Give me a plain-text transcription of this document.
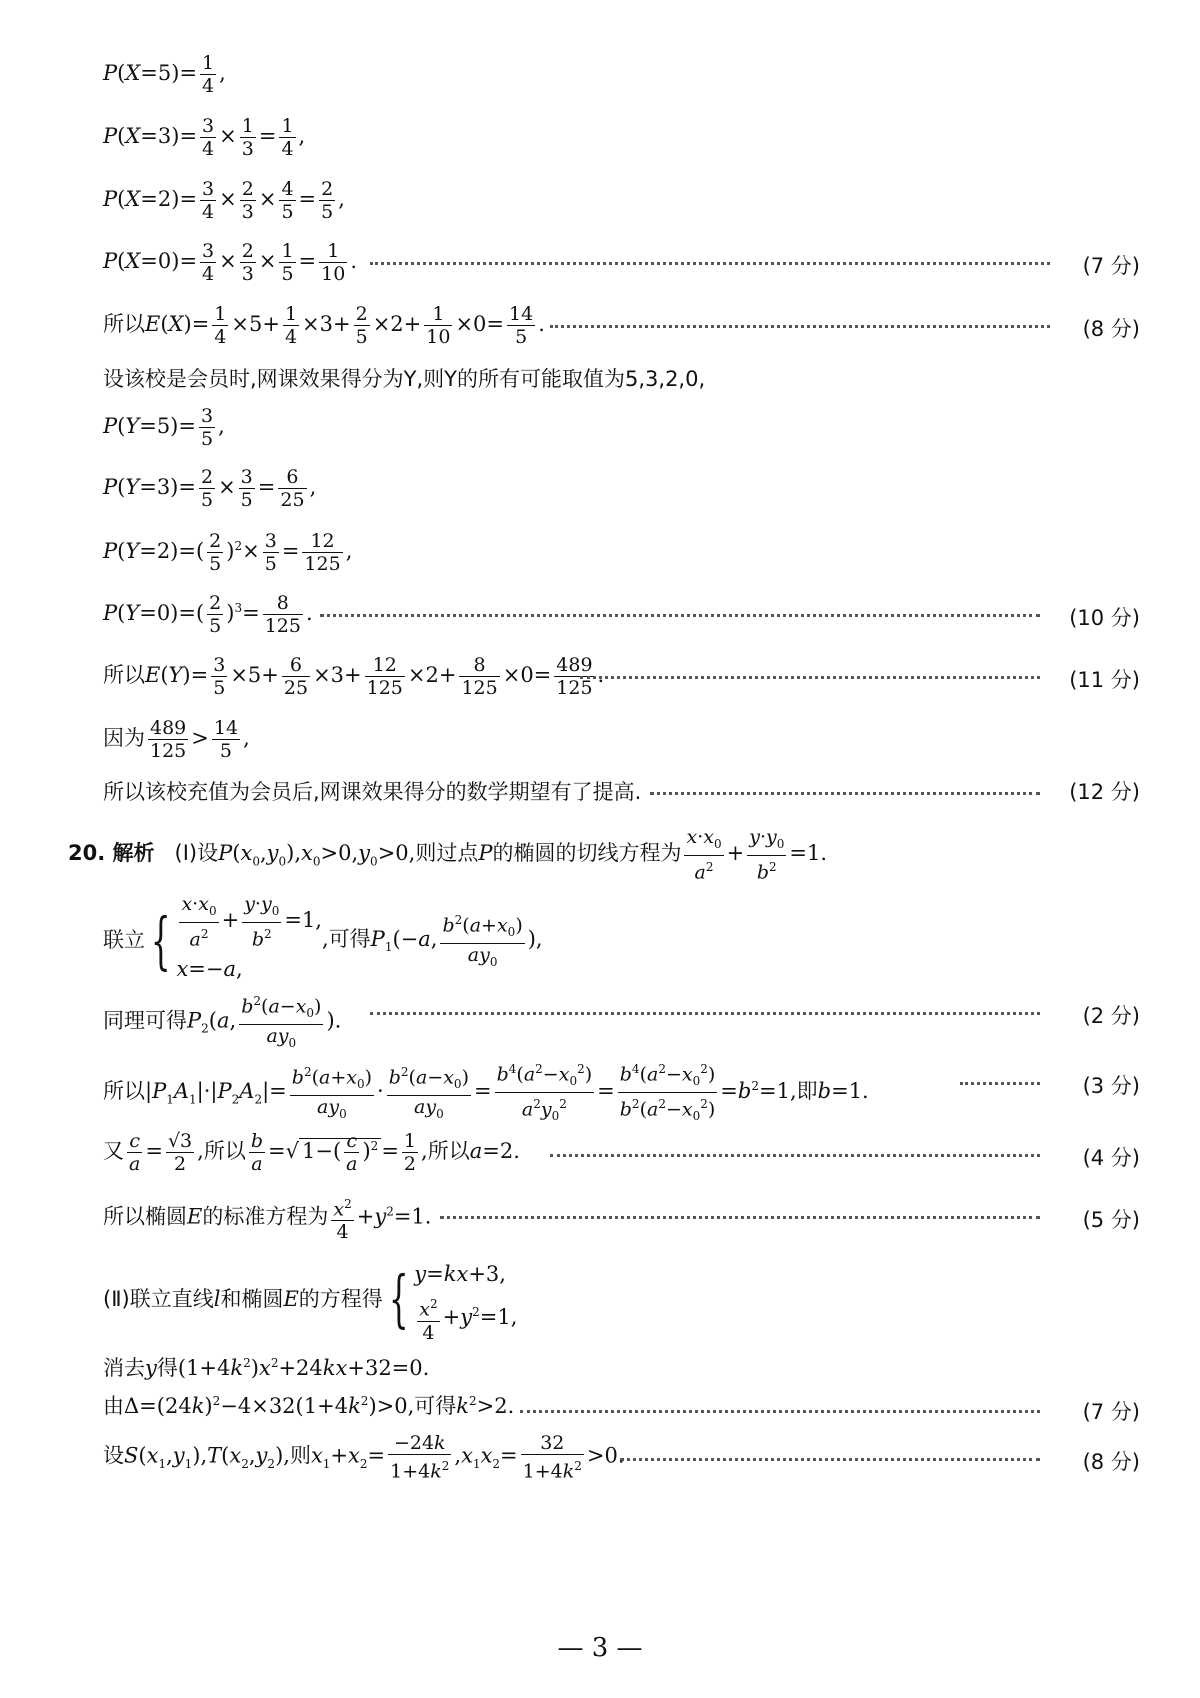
$P(X=5)= \frac{1}{4}$ ,
$P(X=3)= \frac{3}{4} \times \frac{1}{3} = \frac{1}{4}$ ,
$P(X=2)= \frac{3}{4} \times \frac{2}{3} \times \frac{4}{5} = \frac{2}{5}$ ,
$P(X=0)= \frac{3}{4} \times \frac{2}{3} \times \frac{1}{5} = \frac{1}{10}$ .	(7 分)
所以$E(X)= \frac{1}{4} \times 5+ \frac{1}{4} \times 3+ \frac{2}{5} \times 2+ \frac{1}{10} \times 0= \frac{14}{5}$ .	(8 分)
设该校是会员时,网课效果得分为Y,则Y的所有可能取值为5,3,2,0,
$P(Y=5)= \frac{3}{5}$ ,
$P(Y=3)= \frac{2}{5} \times \frac{3}{5} = \frac{6}{25}$ ,
$P(Y=2)=( \frac{2}{5} )^2\times \frac{3}{5} = \frac{12}{125}$ ,
$P(Y=0)=( \frac{2}{5} )^3= \frac{8}{125}$ .	(10 分)
所以$E(Y)= \frac{3}{5} \times 5+ \frac{6}{25} \times 3+ \frac{12}{125} \times 2+ \frac{8}{125} \times 0= \frac{489}{125}$ .	(11 分)
因为 $\frac{489}{125} > \frac{14}{5}$ ,
所以该校充值为会员后,网课效果得分的数学期望有了提高.	(12 分)
20. 解析 (Ⅰ)设$P(x_0,y_0),x_0>0,y_0>0$,则过点P的椭圆的切线方程为 $\frac{x\cdot x_0}{a^2} + \frac{y\cdot y_0}{b^2} =1$.
联立{ $\frac{x\cdot x_0}{a^2} + \frac{y\cdot y_0}{b^2} =1$,
x=−a,
,可得$P_1(-a$, $\frac{b^2(a+x_0)}{ay_0}$ ),
同理可得$P_2(a$, $\frac{b^2(a-x_0)}{ay_0}$ ).	(2 分)
所以$|P_1A_1|\cdot|P_2A_2|= \frac{b^2(a+x_0)}{ay_0} \cdot \frac{b^2(a-x_0)}{ay_0} = \frac{b^4(a^2-x_0^2)}{a^2y_0^2} = \frac{b^4(a^2-x_0^2)}{b^2(a^2-x_0^2)} =b^2=1$,即b=1.	(3 分)
又 $\frac{c}{a} = \frac{√3}{2}$ ,所以 $\frac{b}{a}$ =√ $1-( \frac{c}{a} )^2 = \frac{1}{2}$ ,所以a=2.	(4 分)
所以椭圆E的标准方程为 $\frac{x^2}{4} +y^2=1$.	(5 分)
(Ⅱ)联立直线l和椭圆E的方程得{ y=kx+3,
$\frac{x^2}{4} +y^2=1$,
消去y得$(1+4k^2)x^2+24kx+32=0$.
由$\Delta=(24k)^2-4\times 32(1+4k^2)>0$,可得$k^2>2$.	(7 分)
设$S(x_1,y_1),T(x_2,y_2)$,则$x_1+x_2= \frac{-24k}{1+4k^2} ,x_1x_2= \frac{32}{1+4k^2} >0$.	(8 分)
— 3 —
